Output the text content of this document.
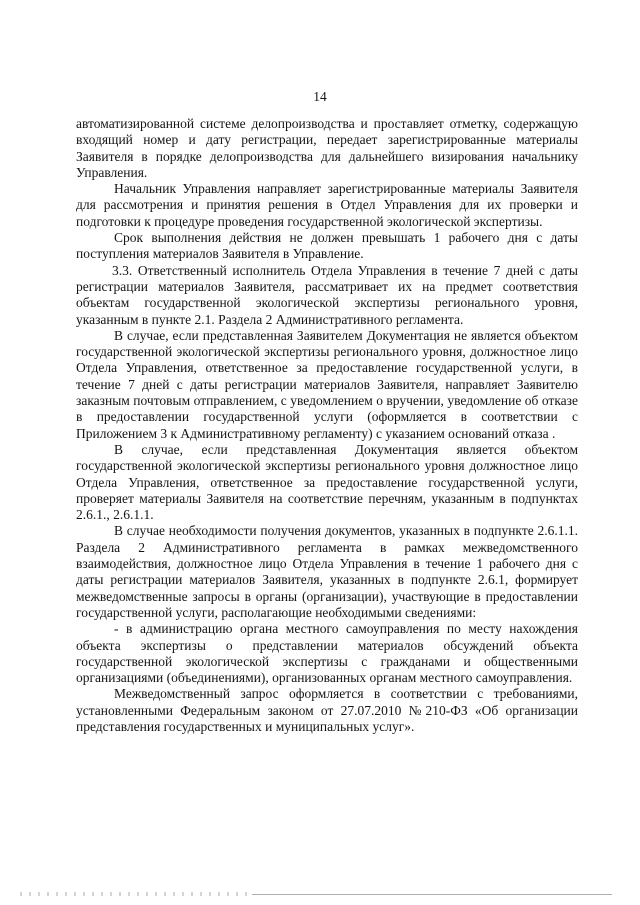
14

автоматизированной системе делопроизводства и проставляет отметку, содержащую входящий номер и дату регистрации, передает зарегистрированные материалы Заявителя в порядке делопроизводства для дальнейшего визирования начальнику Управления.

Начальник Управления направляет зарегистрированные материалы Заявителя для рассмотрения и принятия решения в Отдел Управления для их проверки и подготовки к процедуре проведения государственной экологической экспертизы.

Срок выполнения действия не должен превышать 1 рабочего дня с даты поступления материалов Заявителя в Управление.

3.3. Ответственный исполнитель Отдела Управления в течение 7 дней с даты регистрации материалов Заявителя, рассматривает их на предмет соответствия объектам государственной экологической экспертизы регионального уровня, указанным в пункте 2.1. Раздела 2 Административного регламента.

В случае, если представленная Заявителем Документация не является объектом государственной экологической экспертизы регионального уровня, должностное лицо Отдела Управления, ответственное за предоставление государственной услуги, в течение 7 дней с даты регистрации материалов Заявителя, направляет Заявителю заказным почтовым отправлением, с уведомлением о вручении, уведомление об отказе в предоставлении государственной услуги (оформляется в соответствии с Приложением 3 к Административному регламенту) с указанием оснований отказа .

В случае, если представленная Документация является объектом государственной экологической экспертизы регионального уровня должностное лицо Отдела Управления, ответственное за предоставление государственной услуги, проверяет материалы Заявителя на соответствие перечням, указанным в подпунктах 2.6.1., 2.6.1.1.

В случае необходимости получения документов, указанных в подпункте 2.6.1.1. Раздела 2 Административного регламента в рамках межведомственного взаимодействия, должностное лицо Отдела Управления в течение 1 рабочего дня с даты регистрации материалов Заявителя, указанных в подпункте 2.6.1, формирует межведомственные запросы в органы (организации), участвующие в предоставлении государственной услуги, располагающие необходимыми сведениями:

- в администрацию органа местного самоуправления по месту нахождения объекта экспертизы о представлении материалов обсуждений объекта государственной экологической экспертизы с гражданами и общественными организациями (объединениями), организованных органам местного самоуправления.

Межведомственный запрос оформляется в соответствии с требованиями, установленными Федеральным законом от 27.07.2010 №210-ФЗ «Об организации представления государственных и муниципальных услуг».
